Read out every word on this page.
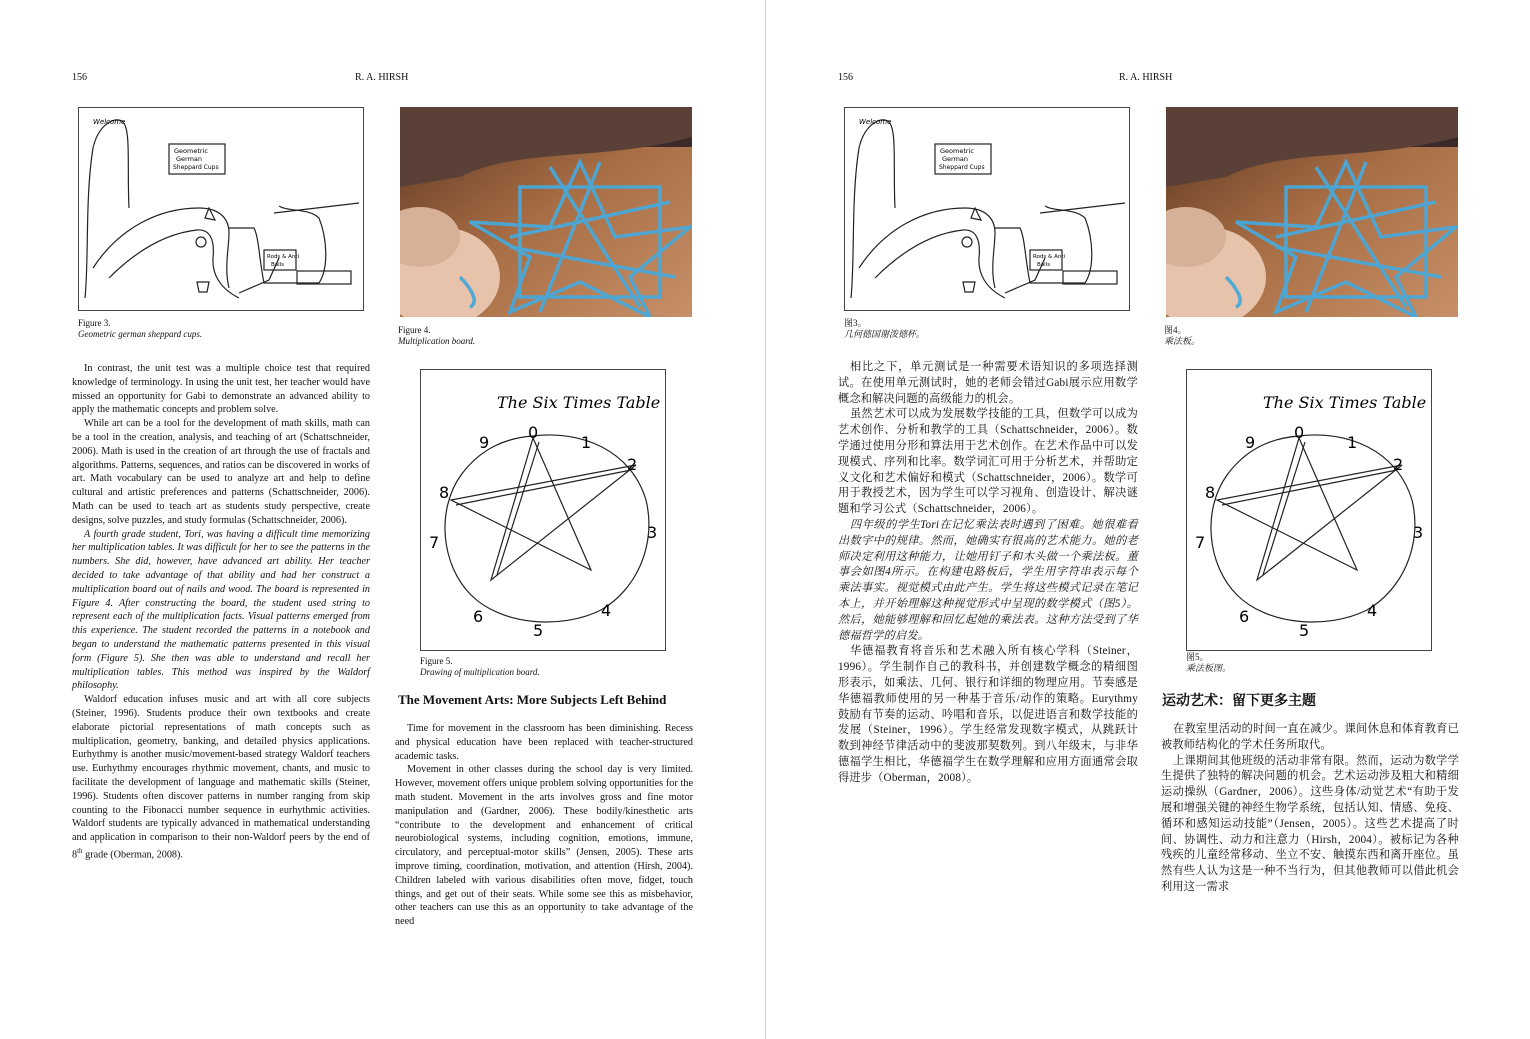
156	R. A. HIRSH
Welcome
Geometric
German
Sheppard Cups
Rods & Anti
Balls
Figure 3.
Geometric german sheppard cups.	Figure 4.
Multiplication board.
The Six Times Table
0
1
2
3
4
5
6
7
8
9
Figure 5.
Drawing of multiplication board.

In contrast, the unit test was a multiple choice test that required knowledge of terminology. In using the unit test, her teacher would have missed an opportunity for Gabi to demonstrate an advanced ability to apply the mathematic concepts and problem solve.

While art can be a tool for the development of math skills, math can be a tool in the creation, analysis, and teaching of art (Schattschneider, 2006). Math is used in the creation of art through the use of fractals and algorithms. Patterns, sequences, and ratios can be discovered in works of art. Math vocabulary can be used to analyze art and help to define cultural and artistic preferences and patterns (Schattschneider, 2006). Math can be used to teach art as students study perspective, create designs, solve puzzles, and study formulas (Schattschneider, 2006).

A fourth grade student, Tori, was having a difficult time memorizing her multiplication tables. It was difficult for her to see the patterns in the numbers. She did, however, have advanced art ability. Her teacher decided to take advantage of that ability and had her construct a multiplication board out of nails and wood. The board is represented in Figure 4. After constructing the board, the student used string to represent each of the multiplication facts. Visual patterns emerged from this experience. The student recorded the patterns in a notebook and began to understand the mathematic patterns presented in this visual form (Figure 5). She then was able to understand and recall her multiplication tables. This method was inspired by the Waldorf philosophy.

Waldorf education infuses music and art with all core subjects (Steiner, 1996). Students produce their own textbooks and create elaborate pictorial representations of math concepts such as multiplication, geometry, banking, and detailed physics applications. Eurhythmy is another music/movement-based strategy Waldorf teachers use. Eurhythmy encourages rhythmic movement, chants, and music to facilitate the development of language and mathematic skills (Steiner, 1996). Students often discover patterns in number ranging from skip counting to the Fibonacci number sequence in eurhythmic activities. Waldorf students are typically advanced in mathematical understanding and application in comparison to their non-Waldorf peers by the end of 8th grade (Oberman, 2008).

The Movement Arts: More Subjects Left Behind

Time for movement in the classroom has been diminishing. Recess and physical education have been replaced with teacher-structured academic tasks.

Movement in other classes during the school day is very limited. However, movement offers unique problem solving opportunities for the math student. Movement in the arts involves gross and fine motor manipulation and (Gardner, 2006). These bodily/kinesthetic arts “contribute to the development and enhancement of critical neurobiological systems, including cognition, emotions, immune, circulatory, and perceptual-motor skills” (Jensen, 2005). These arts improve timing, coordination, motivation, and attention (Hirsh, 2004). Children labeled with various disabilities often move, fidget, touch things, and get out of their seats. While some see this as misbehavior, other teachers can use this as an opportunity to take advantage of the need

156	R. A. HIRSH
Welcome
Geometric
German
Sheppard Cups
Rods & Anti
Balls
图3。
几何德国谢泼德杯。	图4。
乘法板。
The Six Times Table
0
1
2
3
4
5
6
7
8
9
图5。
乘法板图。

相比之下，单元测试是一种需要术语知识的多项选择测试。在使用单元测试时，她的老师会错过Gabi展示应用数学概念和解决问题的高级能力的机会。

虽然艺术可以成为发展数学技能的工具，但数学可以成为艺术创作、分析和教学的工具（Schattschneider，2006）。数学通过使用分形和算法用于艺术创作。在艺术作品中可以发现模式、序列和比率。数学词汇可用于分析艺术，并帮助定义文化和艺术偏好和模式（Schattschneider，2006）。数学可用于教授艺术，因为学生可以学习视角、创造设计、解决谜题和学习公式（Schattschneider，2006）。

四年级的学生Tori在记忆乘法表时遇到了困难。她很难看出数字中的规律。然而，她确实有很高的艺术能力。她的老师决定利用这种能力，让她用钉子和木头做一个乘法板。董事会如图4所示。在构建电路板后，学生用字符串表示每个乘法事实。视觉模式由此产生。学生将这些模式记录在笔记本上，并开始理解这种视觉形式中呈现的数学模式（图5）。然后，她能够理解和回忆起她的乘法表。这种方法受到了华德福哲学的启发。

华德福教育将音乐和艺术融入所有核心学科（Steiner，1996）。学生制作自己的教科书，并创建数学概念的精细图形表示，如乘法、几何、银行和详细的物理应用。节奏感是华德福教师使用的另一种基于音乐/动作的策略。Eurythmy鼓励有节奏的运动、吟唱和音乐，以促进语言和数学技能的发展（Steiner，1996）。学生经常发现数字模式，从跳跃计数到神经节律活动中的斐波那契数列。到八年级末，与非华德福学生相比，华德福学生在数学理解和应用方面通常会取得进步（Oberman，2008）。

运动艺术：留下更多主题

在教室里活动的时间一直在减少。课间休息和体育教育已被教师结构化的学术任务所取代。

上课期间其他班级的活动非常有限。然而，运动为数学学生提供了独特的解决问题的机会。艺术运动涉及粗大和精细运动操纵（Gardner，2006）。这些身体/动觉艺术“有助于发展和增强关键的神经生物学系统，包括认知、情感、免疫、循环和感知运动技能”（Jensen，2005）。这些艺术提高了时间、协调性、动力和注意力（Hirsh，2004）。被标记为各种残疾的儿童经常移动、坐立不安、触摸东西和离开座位。虽然有些人认为这是一种不当行为，但其他教师可以借此机会利用这一需求
